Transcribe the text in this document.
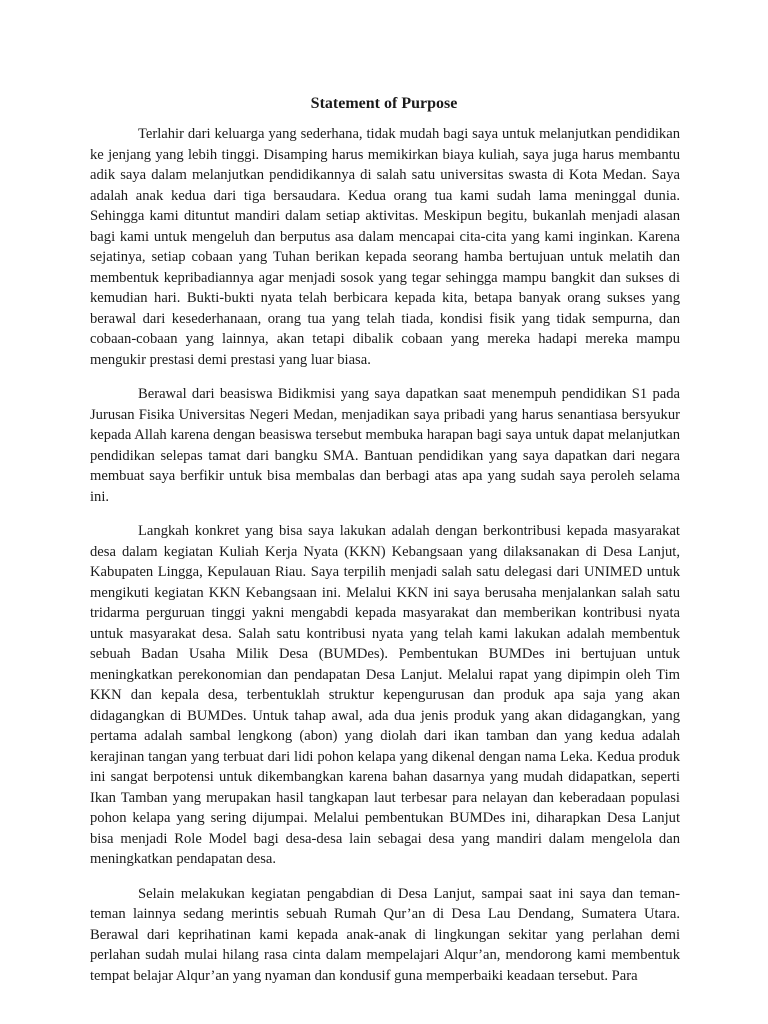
Statement of Purpose

Terlahir dari keluarga yang sederhana, tidak mudah bagi saya untuk melanjutkan pendidikan ke jenjang yang lebih tinggi. Disamping harus memikirkan biaya kuliah, saya juga harus membantu adik saya dalam melanjutkan pendidikannya di salah satu universitas swasta di Kota Medan. Saya adalah anak kedua dari tiga bersaudara. Kedua orang tua kami sudah lama meninggal dunia. Sehingga kami dituntut mandiri dalam setiap aktivitas. Meskipun begitu, bukanlah menjadi alasan bagi kami untuk mengeluh dan berputus asa dalam mencapai cita-cita yang kami inginkan. Karena sejatinya, setiap cobaan yang Tuhan berikan kepada seorang hamba bertujuan untuk melatih dan membentuk kepribadiannya agar menjadi sosok yang tegar sehingga mampu bangkit dan sukses di kemudian hari. Bukti-bukti nyata telah berbicara kepada kita, betapa banyak orang sukses yang berawal dari kesederhanaan, orang tua yang telah tiada, kondisi fisik yang tidak sempurna, dan cobaan-cobaan yang lainnya, akan tetapi dibalik cobaan yang mereka hadapi mereka mampu mengukir prestasi demi prestasi yang luar biasa.

Berawal dari beasiswa Bidikmisi yang saya dapatkan saat menempuh pendidikan S1 pada Jurusan Fisika Universitas Negeri Medan, menjadikan saya pribadi yang harus senantiasa bersyukur kepada Allah karena dengan beasiswa tersebut membuka harapan bagi saya untuk dapat melanjutkan pendidikan selepas tamat dari bangku SMA. Bantuan pendidikan yang saya dapatkan dari negara membuat saya berfikir untuk bisa membalas dan berbagi atas apa yang sudah saya peroleh selama ini.

Langkah konkret yang bisa saya lakukan adalah dengan berkontribusi kepada masyarakat desa dalam kegiatan Kuliah Kerja Nyata (KKN) Kebangsaan yang dilaksanakan di Desa Lanjut, Kabupaten Lingga, Kepulauan Riau. Saya terpilih menjadi salah satu delegasi dari UNIMED untuk mengikuti kegiatan KKN Kebangsaan ini. Melalui KKN ini saya berusaha menjalankan salah satu tridarma perguruan tinggi yakni mengabdi kepada masyarakat dan memberikan kontribusi nyata untuk masyarakat desa. Salah satu kontribusi nyata yang telah kami lakukan adalah membentuk sebuah Badan Usaha Milik Desa (BUMDes). Pembentukan BUMDes ini bertujuan untuk meningkatkan perekonomian dan pendapatan Desa Lanjut. Melalui rapat yang dipimpin oleh Tim KKN dan kepala desa, terbentuklah struktur kepengurusan dan produk apa saja yang akan didagangkan di BUMDes. Untuk tahap awal, ada dua jenis produk yang akan didagangkan, yang pertama adalah sambal lengkong (abon) yang diolah dari ikan tamban dan yang kedua adalah kerajinan tangan yang terbuat dari lidi pohon kelapa yang dikenal dengan nama Leka. Kedua produk ini sangat berpotensi untuk dikembangkan karena bahan dasarnya yang mudah didapatkan, seperti Ikan Tamban yang merupakan hasil tangkapan laut terbesar para nelayan dan keberadaan populasi pohon kelapa yang sering dijumpai. Melalui pembentukan BUMDes ini, diharapkan Desa Lanjut bisa menjadi Role Model bagi desa-desa lain sebagai desa yang mandiri dalam mengelola dan meningkatkan pendapatan desa.

Selain melakukan kegiatan pengabdian di Desa Lanjut, sampai saat ini saya dan teman-teman lainnya sedang merintis sebuah Rumah Qur’an di Desa Lau Dendang, Sumatera Utara. Berawal dari keprihatinan kami kepada anak-anak di lingkungan sekitar yang perlahan demi perlahan sudah mulai hilang rasa cinta dalam mempelajari Alqur’an, mendorong kami membentuk tempat belajar Alqur’an yang nyaman dan kondusif guna memperbaiki keadaan tersebut. Para
